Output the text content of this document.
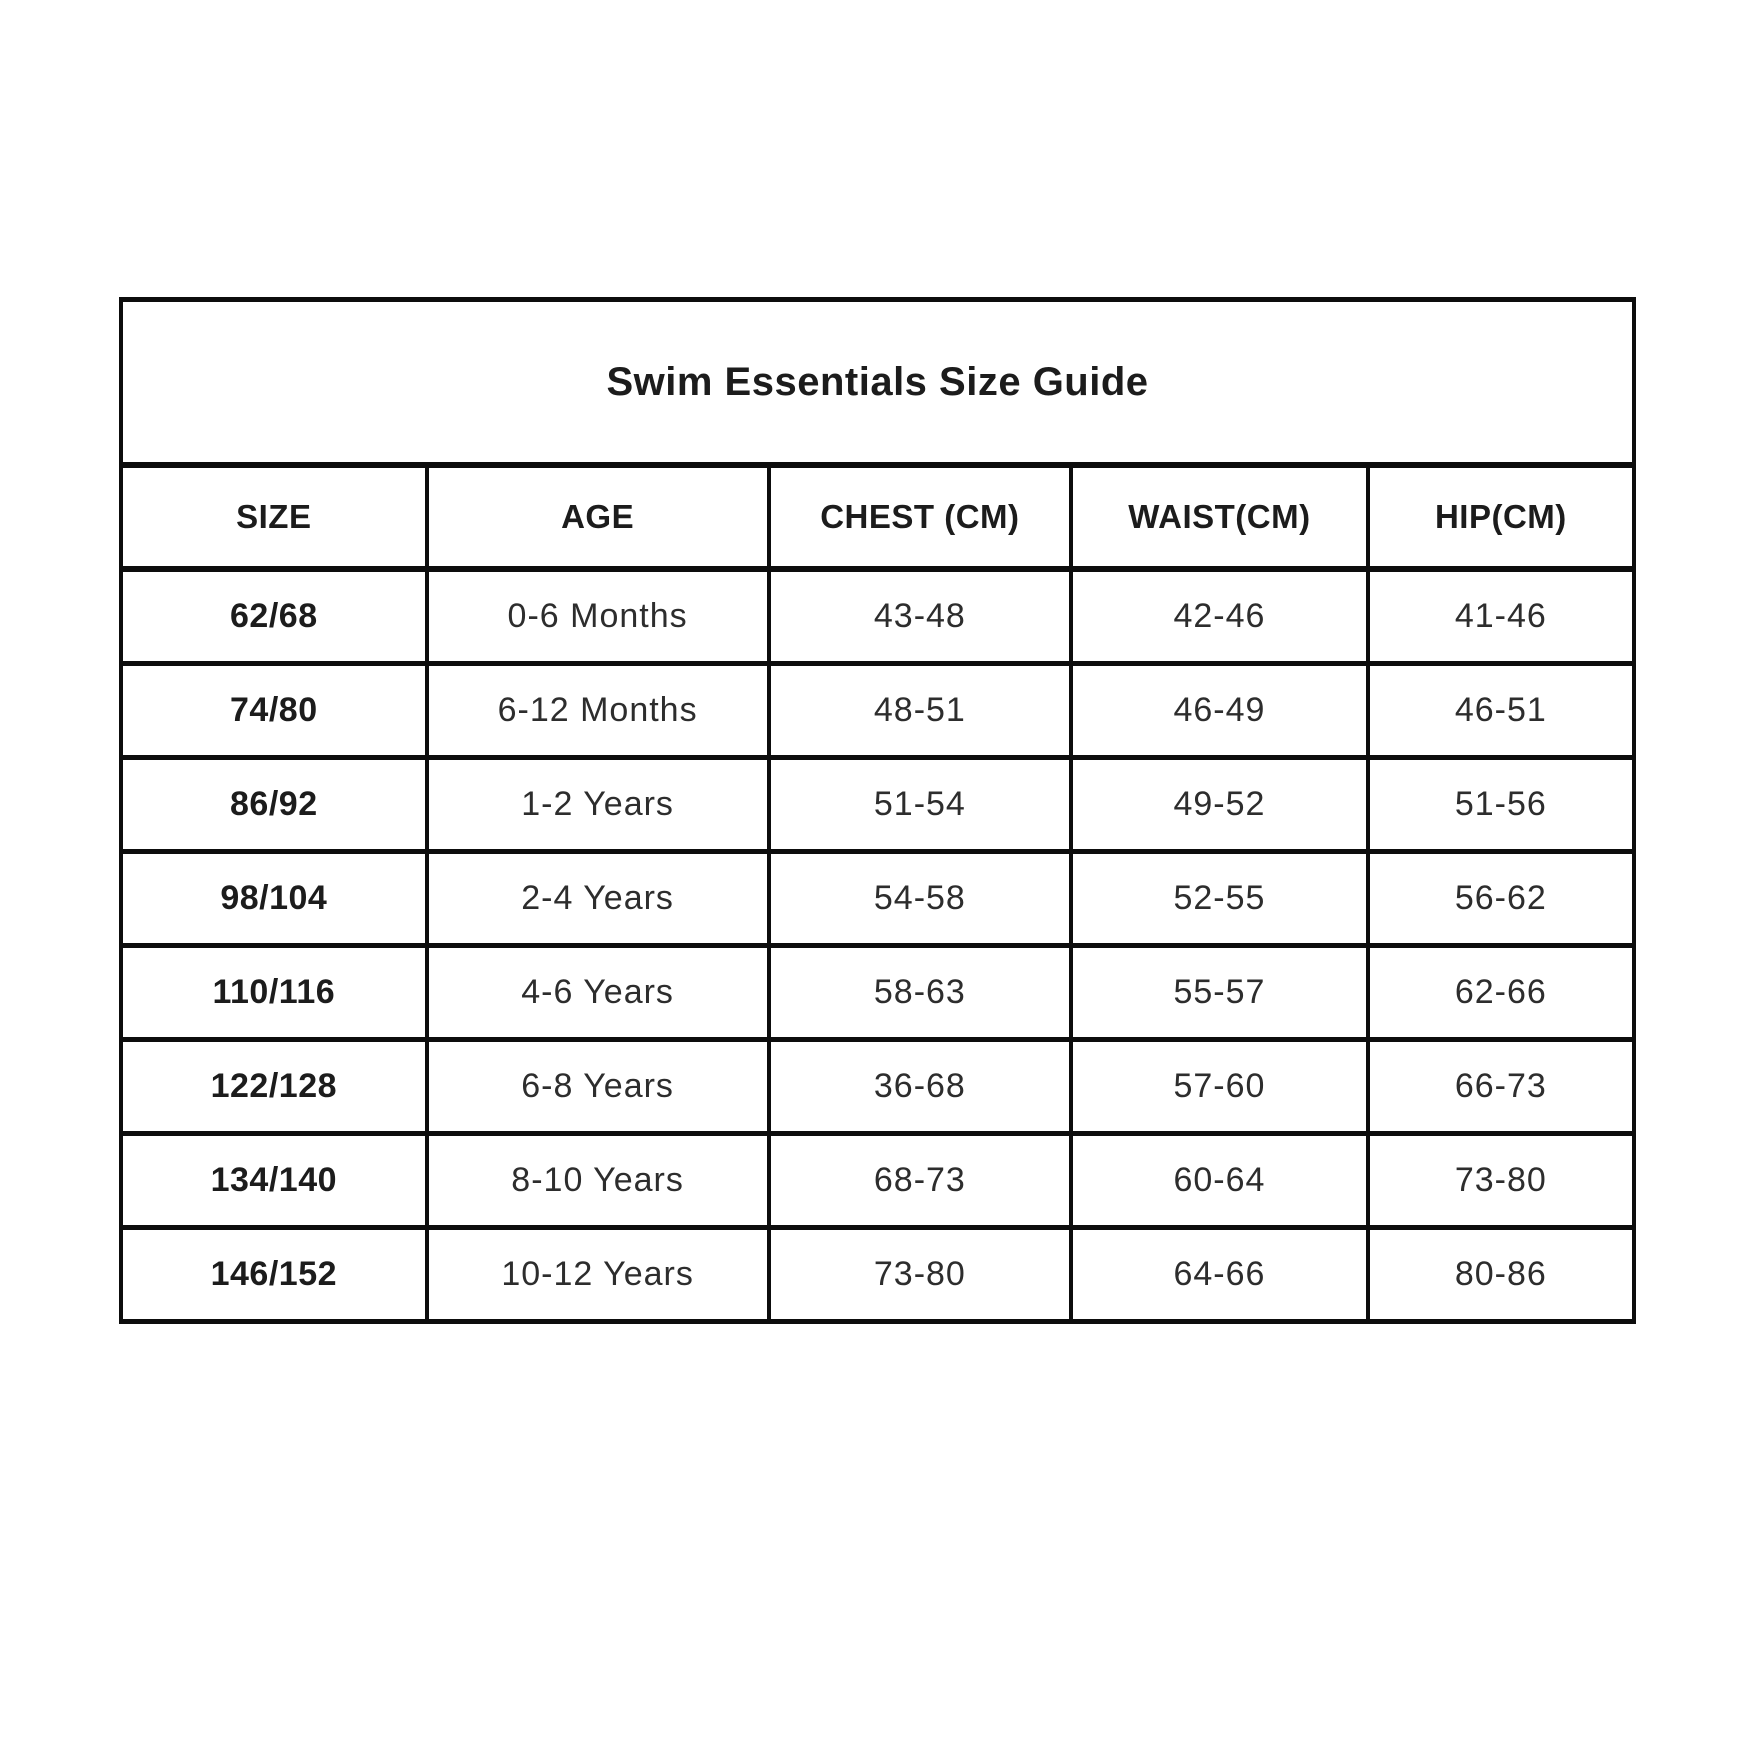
Swim Essentials Size Guide				
SIZE	AGE	CHEST (CM)	WAIST(CM)	HIP(CM)
62/68	0-6 Months	43-48	42-46	41-46
74/80	6-12 Months	48-51	46-49	46-51
86/92	1-2 Years	51-54	49-52	51-56
98/104	2-4 Years	54-58	52-55	56-62
110/116	4-6 Years	58-63	55-57	62-66
122/128	6-8 Years	36-68	57-60	66-73
134/140	8-10 Years	68-73	60-64	73-80
146/152	10-12 Years	73-80	64-66	80-86
